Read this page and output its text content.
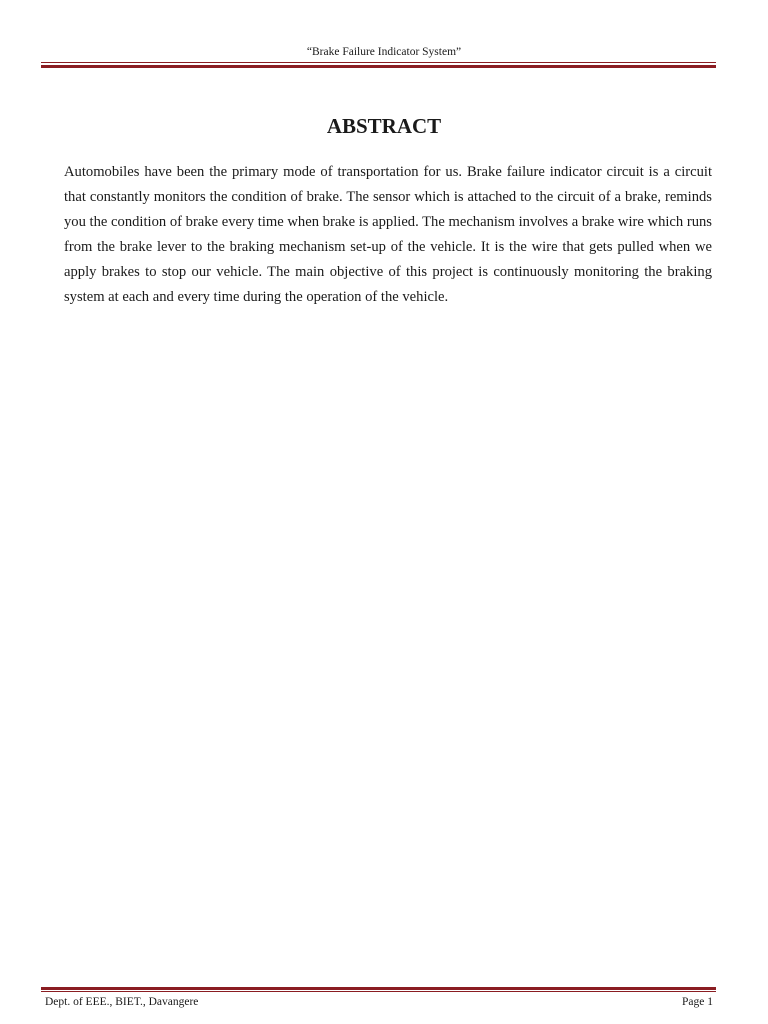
“Brake Failure Indicator System”
ABSTRACT

Automobiles have been the primary mode of transportation for us. Brake failure indicator circuit is a circuit that constantly monitors the condition of brake. The sensor which is attached to the circuit of a brake, reminds you the condition of brake every time when brake is applied. The mechanism involves a brake wire which runs from the brake lever to the braking mechanism set-up of the vehicle. It is the wire that gets pulled when we apply brakes to stop our vehicle. The main objective of this project is continuously monitoring the braking system at each and every time during the operation of the vehicle.

Dept. of EEE., BIET., Davangere	Page 1
